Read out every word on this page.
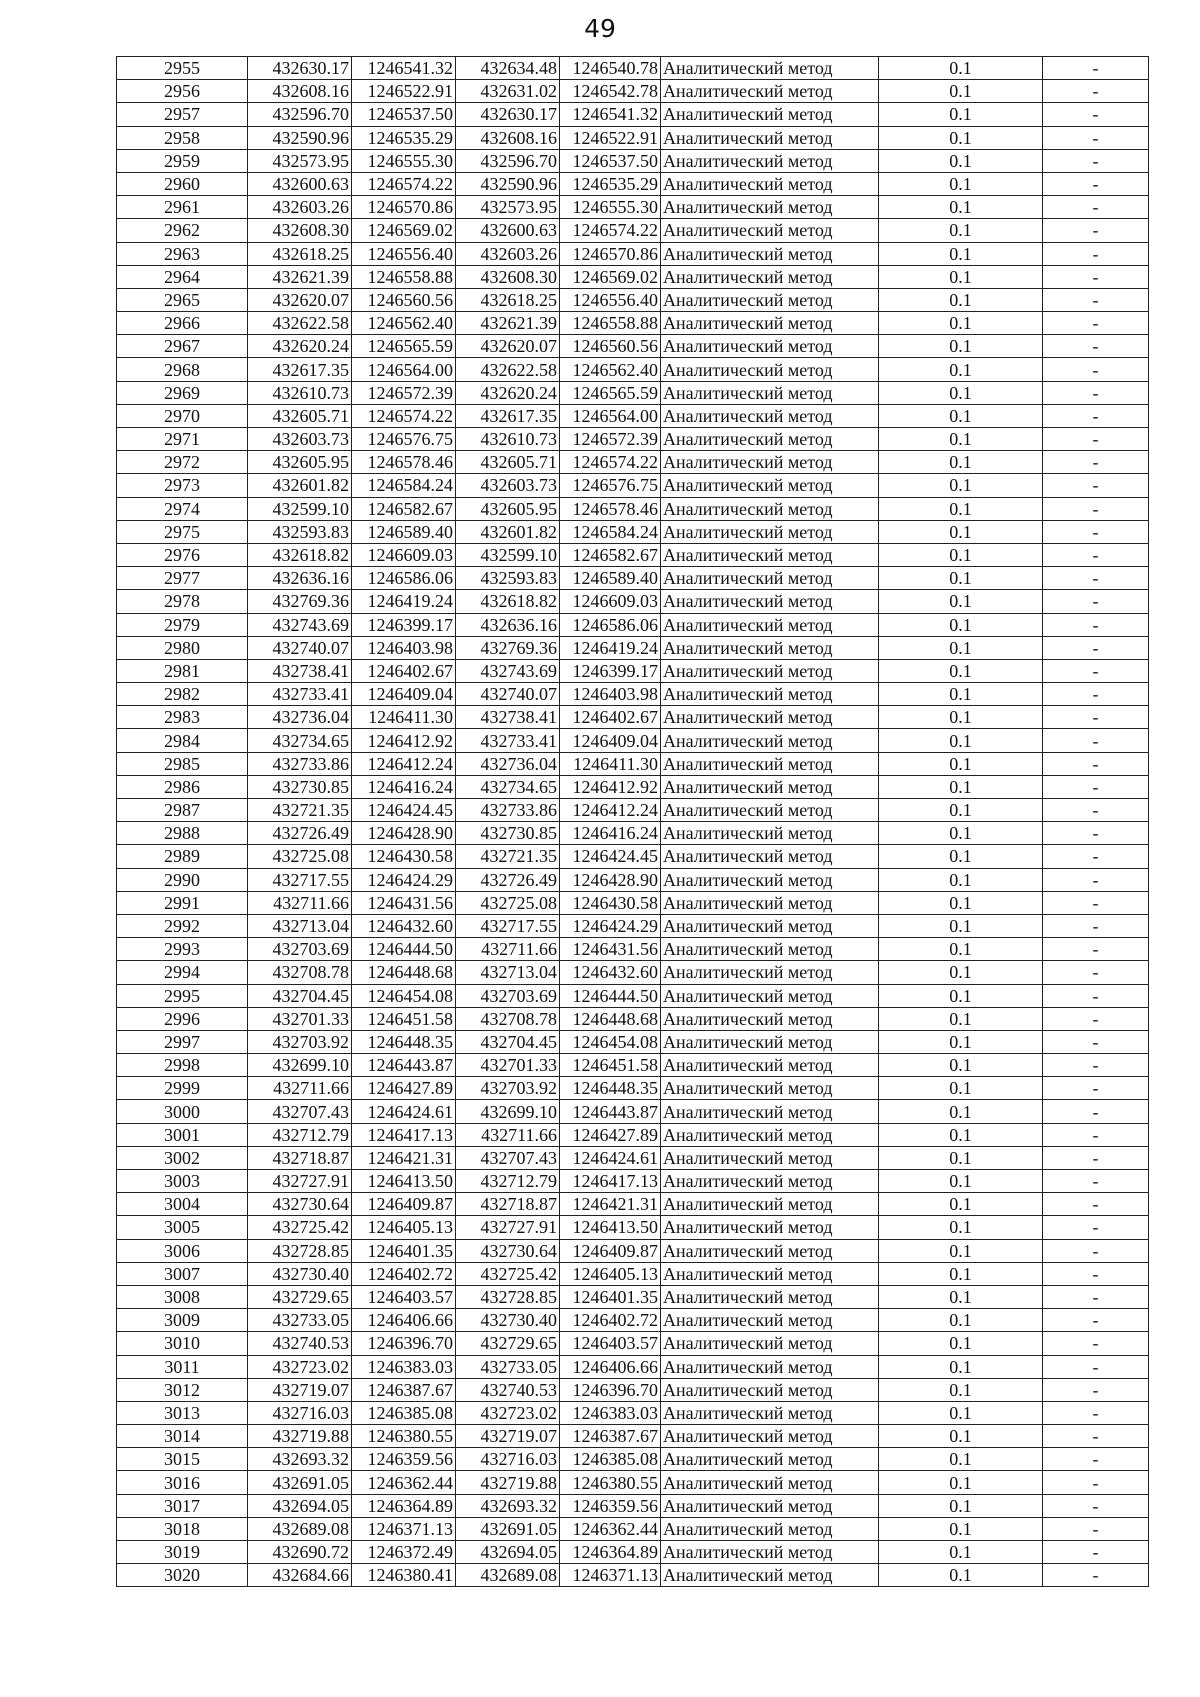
49
2955	432630.17	1246541.32	432634.48	1246540.78	Аналитический метод	0.1	-
2956	432608.16	1246522.91	432631.02	1246542.78	Аналитический метод	0.1	-
2957	432596.70	1246537.50	432630.17	1246541.32	Аналитический метод	0.1	-
2958	432590.96	1246535.29	432608.16	1246522.91	Аналитический метод	0.1	-
2959	432573.95	1246555.30	432596.70	1246537.50	Аналитический метод	0.1	-
2960	432600.63	1246574.22	432590.96	1246535.29	Аналитический метод	0.1	-
2961	432603.26	1246570.86	432573.95	1246555.30	Аналитический метод	0.1	-
2962	432608.30	1246569.02	432600.63	1246574.22	Аналитический метод	0.1	-
2963	432618.25	1246556.40	432603.26	1246570.86	Аналитический метод	0.1	-
2964	432621.39	1246558.88	432608.30	1246569.02	Аналитический метод	0.1	-
2965	432620.07	1246560.56	432618.25	1246556.40	Аналитический метод	0.1	-
2966	432622.58	1246562.40	432621.39	1246558.88	Аналитический метод	0.1	-
2967	432620.24	1246565.59	432620.07	1246560.56	Аналитический метод	0.1	-
2968	432617.35	1246564.00	432622.58	1246562.40	Аналитический метод	0.1	-
2969	432610.73	1246572.39	432620.24	1246565.59	Аналитический метод	0.1	-
2970	432605.71	1246574.22	432617.35	1246564.00	Аналитический метод	0.1	-
2971	432603.73	1246576.75	432610.73	1246572.39	Аналитический метод	0.1	-
2972	432605.95	1246578.46	432605.71	1246574.22	Аналитический метод	0.1	-
2973	432601.82	1246584.24	432603.73	1246576.75	Аналитический метод	0.1	-
2974	432599.10	1246582.67	432605.95	1246578.46	Аналитический метод	0.1	-
2975	432593.83	1246589.40	432601.82	1246584.24	Аналитический метод	0.1	-
2976	432618.82	1246609.03	432599.10	1246582.67	Аналитический метод	0.1	-
2977	432636.16	1246586.06	432593.83	1246589.40	Аналитический метод	0.1	-
2978	432769.36	1246419.24	432618.82	1246609.03	Аналитический метод	0.1	-
2979	432743.69	1246399.17	432636.16	1246586.06	Аналитический метод	0.1	-
2980	432740.07	1246403.98	432769.36	1246419.24	Аналитический метод	0.1	-
2981	432738.41	1246402.67	432743.69	1246399.17	Аналитический метод	0.1	-
2982	432733.41	1246409.04	432740.07	1246403.98	Аналитический метод	0.1	-
2983	432736.04	1246411.30	432738.41	1246402.67	Аналитический метод	0.1	-
2984	432734.65	1246412.92	432733.41	1246409.04	Аналитический метод	0.1	-
2985	432733.86	1246412.24	432736.04	1246411.30	Аналитический метод	0.1	-
2986	432730.85	1246416.24	432734.65	1246412.92	Аналитический метод	0.1	-
2987	432721.35	1246424.45	432733.86	1246412.24	Аналитический метод	0.1	-
2988	432726.49	1246428.90	432730.85	1246416.24	Аналитический метод	0.1	-
2989	432725.08	1246430.58	432721.35	1246424.45	Аналитический метод	0.1	-
2990	432717.55	1246424.29	432726.49	1246428.90	Аналитический метод	0.1	-
2991	432711.66	1246431.56	432725.08	1246430.58	Аналитический метод	0.1	-
2992	432713.04	1246432.60	432717.55	1246424.29	Аналитический метод	0.1	-
2993	432703.69	1246444.50	432711.66	1246431.56	Аналитический метод	0.1	-
2994	432708.78	1246448.68	432713.04	1246432.60	Аналитический метод	0.1	-
2995	432704.45	1246454.08	432703.69	1246444.50	Аналитический метод	0.1	-
2996	432701.33	1246451.58	432708.78	1246448.68	Аналитический метод	0.1	-
2997	432703.92	1246448.35	432704.45	1246454.08	Аналитический метод	0.1	-
2998	432699.10	1246443.87	432701.33	1246451.58	Аналитический метод	0.1	-
2999	432711.66	1246427.89	432703.92	1246448.35	Аналитический метод	0.1	-
3000	432707.43	1246424.61	432699.10	1246443.87	Аналитический метод	0.1	-
3001	432712.79	1246417.13	432711.66	1246427.89	Аналитический метод	0.1	-
3002	432718.87	1246421.31	432707.43	1246424.61	Аналитический метод	0.1	-
3003	432727.91	1246413.50	432712.79	1246417.13	Аналитический метод	0.1	-
3004	432730.64	1246409.87	432718.87	1246421.31	Аналитический метод	0.1	-
3005	432725.42	1246405.13	432727.91	1246413.50	Аналитический метод	0.1	-
3006	432728.85	1246401.35	432730.64	1246409.87	Аналитический метод	0.1	-
3007	432730.40	1246402.72	432725.42	1246405.13	Аналитический метод	0.1	-
3008	432729.65	1246403.57	432728.85	1246401.35	Аналитический метод	0.1	-
3009	432733.05	1246406.66	432730.40	1246402.72	Аналитический метод	0.1	-
3010	432740.53	1246396.70	432729.65	1246403.57	Аналитический метод	0.1	-
3011	432723.02	1246383.03	432733.05	1246406.66	Аналитический метод	0.1	-
3012	432719.07	1246387.67	432740.53	1246396.70	Аналитический метод	0.1	-
3013	432716.03	1246385.08	432723.02	1246383.03	Аналитический метод	0.1	-
3014	432719.88	1246380.55	432719.07	1246387.67	Аналитический метод	0.1	-
3015	432693.32	1246359.56	432716.03	1246385.08	Аналитический метод	0.1	-
3016	432691.05	1246362.44	432719.88	1246380.55	Аналитический метод	0.1	-
3017	432694.05	1246364.89	432693.32	1246359.56	Аналитический метод	0.1	-
3018	432689.08	1246371.13	432691.05	1246362.44	Аналитический метод	0.1	-
3019	432690.72	1246372.49	432694.05	1246364.89	Аналитический метод	0.1	-
3020	432684.66	1246380.41	432689.08	1246371.13	Аналитический метод	0.1	-
